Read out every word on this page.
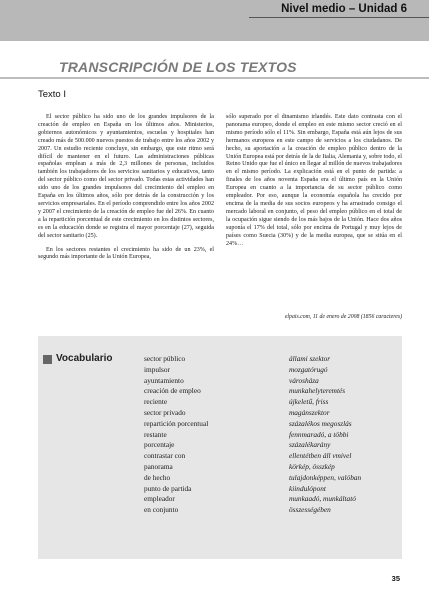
Nivel medio – Unidad 6
TRANSCRIPCIÓN DE LOS TEXTOS
Texto I

El sector público ha sido uno de los grandes impulsores de la creación de empleo en España en los últimos años. Ministerios, gobiernos autonómicos y ayuntamientos, escuelas y hospitales han creado más de 500.000 nuevos puestos de trabajo entre los años 2002 y 2007. Un estudio reciente concluye, sin embargo, que este ritmo será difícil de mantener en el futuro. Las administraciones públicas españolas emplean a más de 2,3 millones de personas, incluidos también los trabajadores de los servicios sanitarios y educativos, tanto del sector público como del sector privado. Todas estas actividades han sido uno de los grandes impulsores del crecimiento del empleo en España en los últimos años, sólo por detrás de la construcción y los servicios empresariales. En el período comprendido entre los años 2002 y 2007 el crecimiento de la creación de empleo fue del 26%. En cuanto a la repartición porcentual de este crecimiento en los distintos sectores, es en la educación donde se registra el mayor porcentaje (27), seguida del sector sanitario (25).

En los sectores restantes el crecimiento ha sido de un 23%, el segundo más importante de la Unión Europea,

sólo superado por el dinamismo irlandés. Este dato contrasta con el panorama europeo, donde el empleo en este mismo sector creció en el mismo período sólo el 11%. Sin embargo, España está aún lejos de sus hermanos europeos en este campo de servicios a los ciudadanos. De hecho, su aportación a la creación de empleo público dentro de la Unión Europea está por detrás de la de Italia, Alemania y, sobre todo, el Reino Unido que fue el único en llegar al millón de nuevos trabajadores en el mismo período. La explicación está en el punto de partida: a finales de los años noventa España era el último país en la Unión Europea en cuanto a la importancia de su sector público como empleador. Por eso, aunque la economía española ha crecido por encima de la media de sus socios europeos y ha arrastrado consigo el mercado laboral en conjunto, el peso del empleo público en el total de la ocupación sigue siendo de los más bajos de la Unión. Hace dos años suponía el 17% del total, sólo por encima de Portugal y muy lejos de países como Suecia (30%) y de la media europea, que se sitúa en el 24%…

elpais.com, 11 de enero de 2008 (1856 caracteres)
Vocabulario	sector público
impulsor
ayuntamiento
creación de empleo
reciente
sector privado
repartición porcentual
restante
porcentaje
contrastar con
panorama
de hecho
punto de partida
empleador
en conjunto
állami szektor
mozgatórugó
városháza
munkahelyteremtés
újkeletű, friss
magánszektor
százalékos megoszlás
fennmaradó, a többi
százalékarány
ellentétben áll vmivel
körkép, összkép
tulajdonképpen, valóban
kiindulópont
munkaadó, munkáltató
összességében
35
